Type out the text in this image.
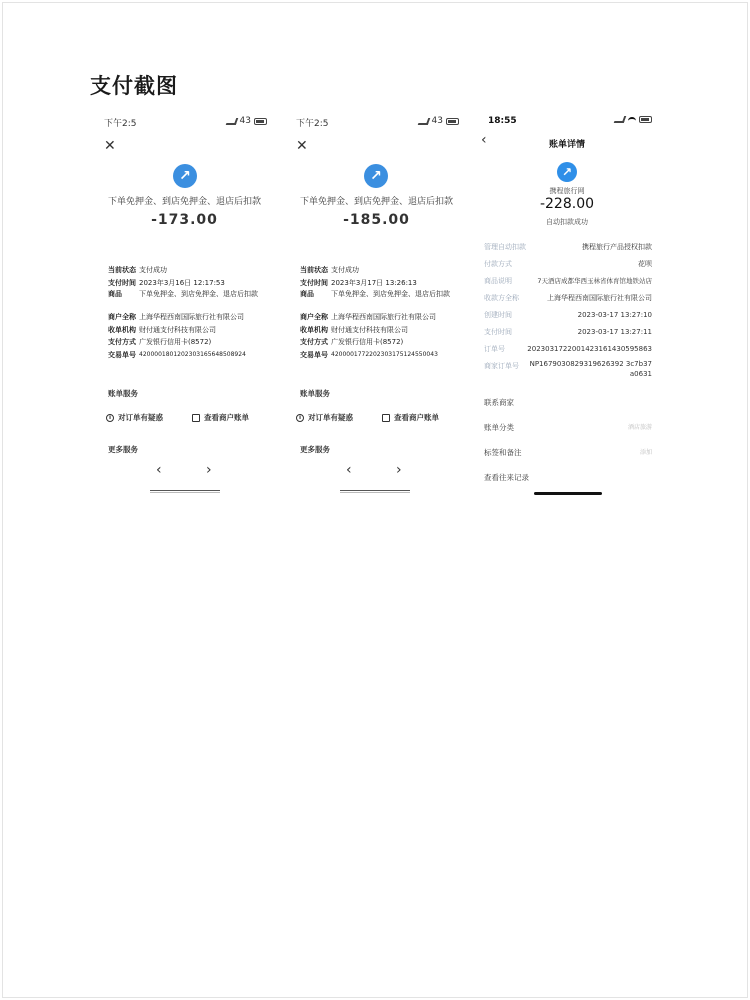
支付截图
下午2:5	43
✕
↗
下单免押金、到店免押金、退店后扣款
-173.00
当前状态 支付成功
支付时间 2023年3月16日 12:17:53
商品	下单免押金、到店免押金、退店后扣款
商户全称 上海华程西南国际旅行社有限公司
收单机构 财付通支付科技有限公司
支付方式 广发银行信用卡(8572)
交易单号 4200001801202303165648508924
账单服务
i 对订单有疑惑	查看商户账单
更多服务
‹	›
下午2:5	43
✕
↗
下单免押金、到店免押金、退店后扣款
-185.00
当前状态 支付成功
支付时间 2023年3月17日 13:26:13
商品	下单免押金、到店免押金、退店后扣款
商户全称 上海华程西南国际旅行社有限公司
收单机构 财付通支付科技有限公司
支付方式 广发银行信用卡(8572)
交易单号 4200001772202303175124550043
账单服务
i 对订单有疑惑	查看商户账单
更多服务
‹	›
18:55
‹	账单详情
↗
携程旅行网
-228.00
自动扣款成功
管理自动扣款	携程旅行产品授权扣款
付款方式	花呗
商品说明	7天酒店成都华西玉林省体育馆地铁站店
收款方全称	上海华程西南国际旅行社有限公司
创建时间	2023-03-17 13:27:10
支付时间	2023-03-17 13:27:11
订单号	2023031722001423161430595863
商家订单号 NP1679030829319626392 3c7b37a0631
联系商家
账单分类	酒店旅游
标签和备注	添加
查看往来记录
